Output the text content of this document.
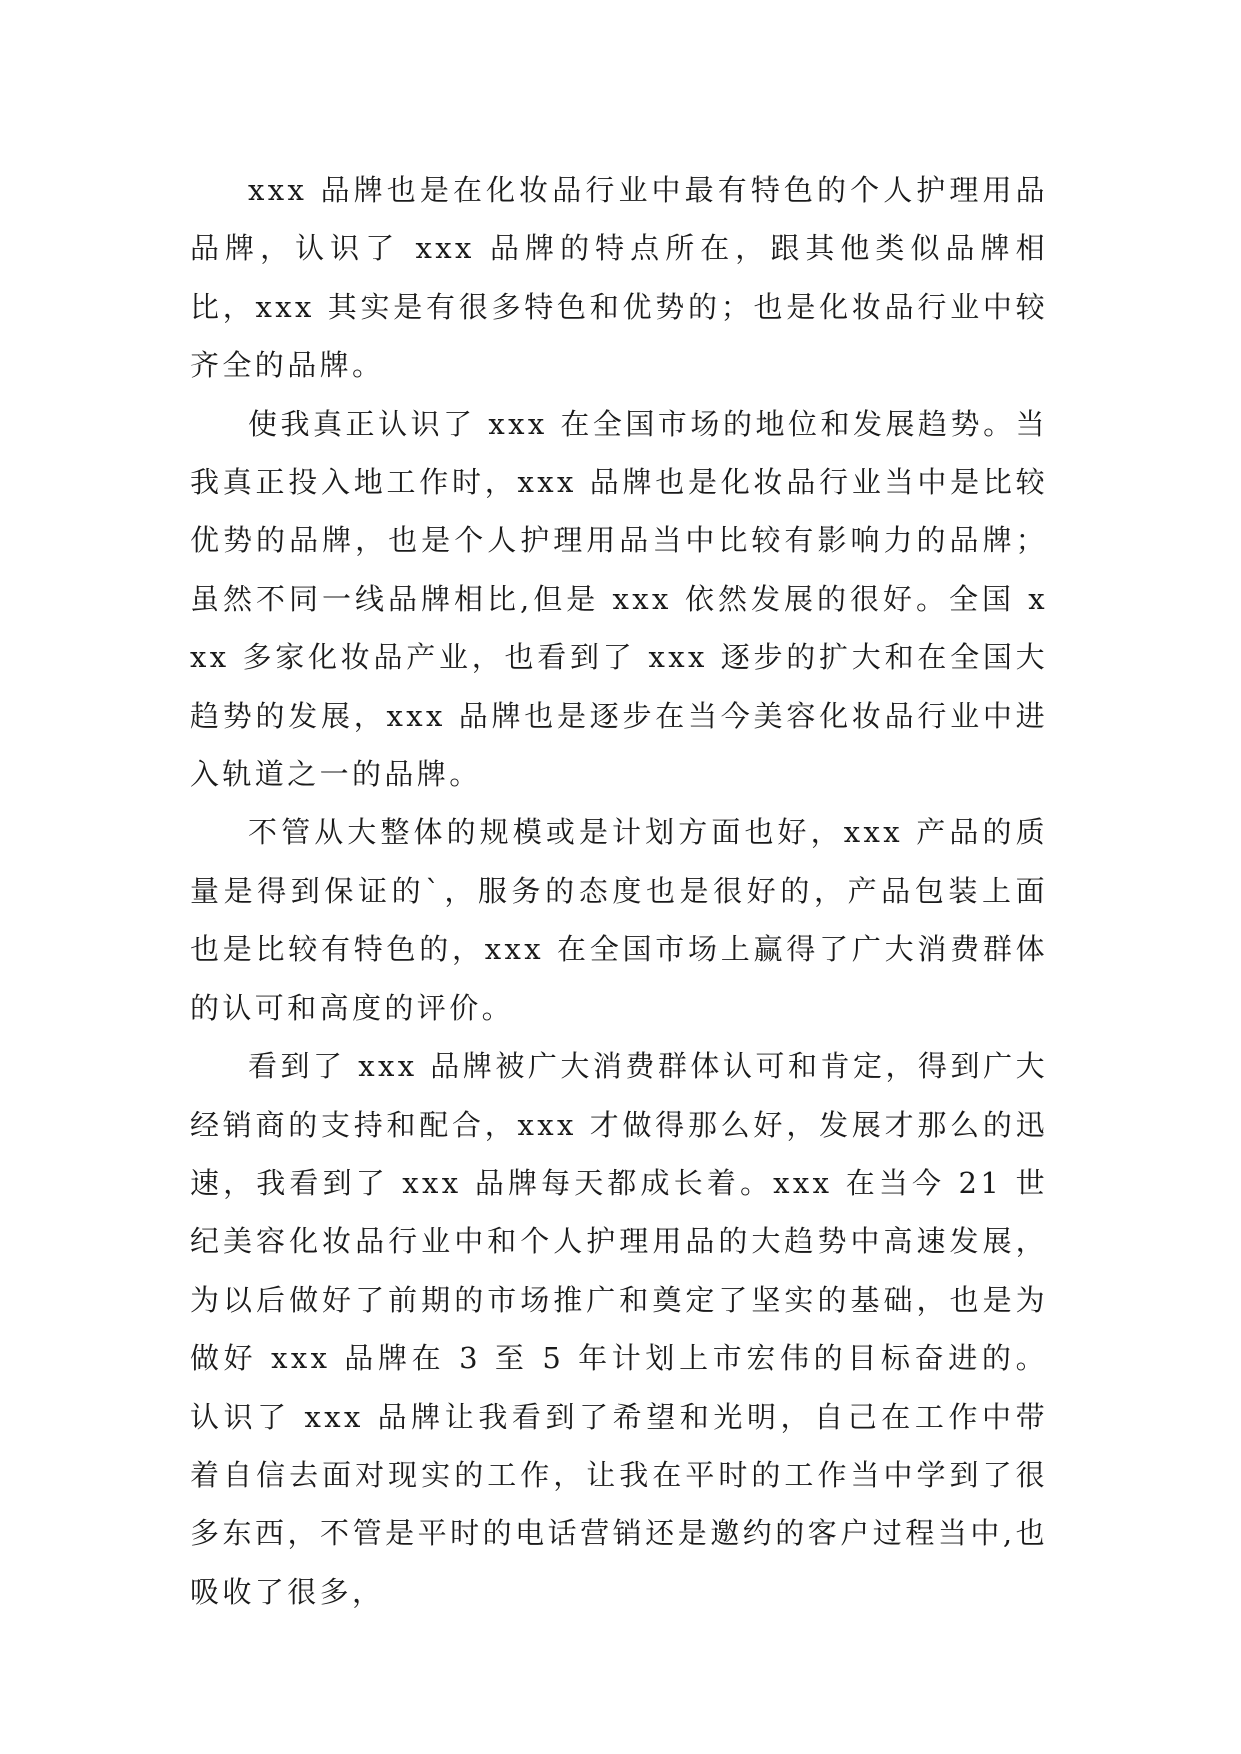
xxx 品牌也是在化妆品行业中最有特色的个人护理用品品牌，认识了 xxx 品牌的特点所在，跟其他类似品牌相比，xxx 其实是有很多特色和优势的；也是化妆品行业中较齐全的品牌。

使我真正认识了 xxx 在全国市场的地位和发展趋势。当我真正投入地工作时，xxx 品牌也是化妆品行业当中是比较优势的品牌，也是个人护理用品当中比较有影响力的品牌；虽然不同一线品牌相比,但是 xxx 依然发展的很好。全国 xxx 多家化妆品产业，也看到了 xxx 逐步的扩大和在全国大趋势的发展，xxx 品牌也是逐步在当今美容化妆品行业中进入轨道之一的品牌。

不管从大整体的规模或是计划方面也好，xxx 产品的质量是得到保证的`，服务的态度也是很好的，产品包装上面也是比较有特色的，xxx 在全国市场上赢得了广大消费群体的认可和高度的评价。

看到了 xxx 品牌被广大消费群体认可和肯定，得到广大经销商的支持和配合，xxx 才做得那么好，发展才那么的迅速，我看到了 xxx 品牌每天都成长着。xxx 在当今 21 世纪美容化妆品行业中和个人护理用品的大趋势中高速发展，为以后做好了前期的市场推广和奠定了坚实的基础，也是为做好 xxx 品牌在 3 至 5 年计划上市宏伟的目标奋进的。认识了 xxx 品牌让我看到了希望和光明，自己在工作中带着自信去面对现实的工作，让我在平时的工作当中学到了很多东西，不管是平时的电话营销还是邀约的客户过程当中,也吸收了很多，
